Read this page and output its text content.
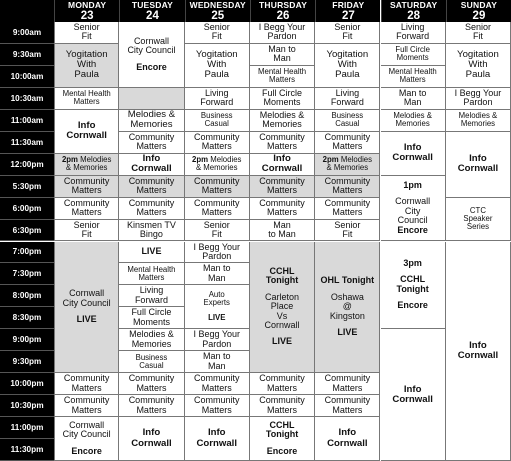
MONDAY
23
TUESDAY
24
WEDNESDAY
25
THURSDAY
26
FRIDAY
27
SATURDAY
28
SUNDAY
29
9:00am
9:30am
10:00am
10:30am
11:00am
11:30am
12:00pm
5:30pm
6:00pm
6:30pm
7:00pm
7:30pm
8:00pm
8:30pm
9:00pm
9:30pm
10:00pm
10:30pm
11:00pm
11:30pm
Senior
Fit
Yogitation
With
Paula
Mental Health
Matters
Info
Cornwall
2pm Melodies
& Memories
Community
Matters
Community
Matters
Senior
Fit
Cornwall
City Council
LIVE
Community
Matters
Community
Matters
Cornwall
City Council
Encore
Cornwall
City Council
Encore
Melodies &
Memories
Community
Matters
Info
Cornwall
Community
Matters
Community
Matters
Kinsmen TV
Bingo
LIVE
Mental Health
Matters
Living
Forward
Full Circle
Moments
Melodies &
Memories
Business
Casual
Community
Matters
Community
Matters
Info
Cornwall
Senior
Fit
Yogitation
With
Paula
Living
Forward
Business
Casual
Community
Matters
2pm Melodies
& Memories
Community
Matters
Community
Matters
Senior
Fit
I Begg Your
Pardon
Man to
Man
Auto
Experts
LIVE
I Begg Your
Pardon
Man to
Man
Community
Matters
Community
Matters
Info
Cornwall
I Begg Your
Pardon
Man to
Man
Mental Health
Matters
Full Circle
Moments
Melodies &
Memories
Community
Matters
Info
Cornwall
Community
Matters
Community
Matters
Man
to Man
CCHL
Tonight
Carleton
Place
Vs
Cornwall
LIVE
Community
Matters
Community
Matters
CCHL
Tonight
Encore
Senior
Fit
Yogitation
With
Paula
Living
Forward
Business
Casual
Community
Matters
2pm Melodies
& Memories
Community
Matters
Community
Matters
Senior
Fit
OHL Tonight
Oshawa
@
Kingston
LIVE
Community
Matters
Community
Matters
Info
Cornwall
Living
Forward
Full Circle
Moments
Mental Health
Matters
Man to
Man
Melodies &
Memories
Info
Cornwall
1pm
Cornwall
City
Council
Encore
3pm
CCHL
Tonight
Encore
Info
Cornwall
Senior
Fit
Yogitation
With
Paula
I Begg Your
Pardon
Melodies &
Memories
Info
Cornwall
CTC
Speaker
Series
Info
Cornwall
